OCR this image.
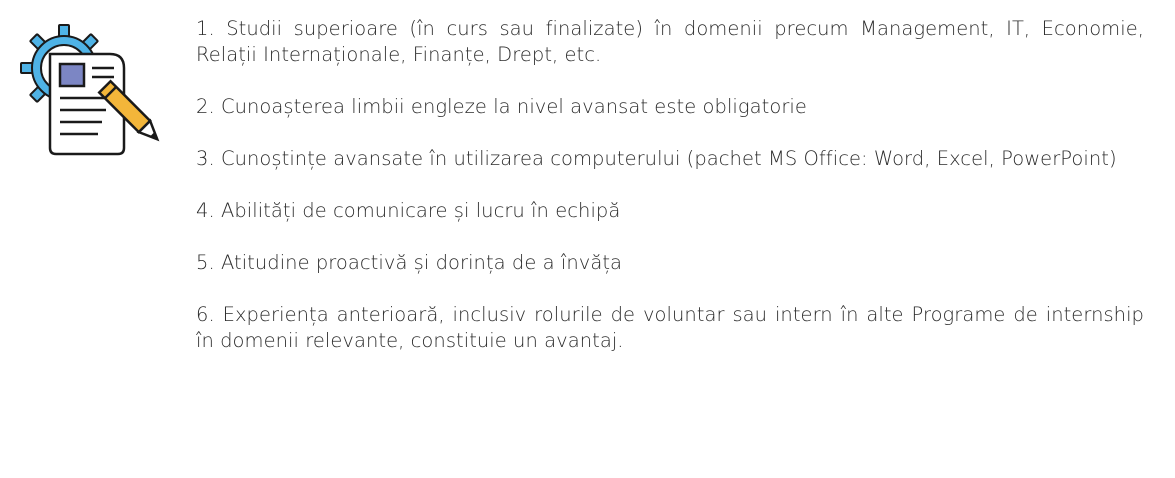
1. Studii superioare (în curs sau finalizate) în domenii precum Management, IT, Economie, Relații Internaționale, Finanțe, Drept, etc.
2. Cunoașterea limbii engleze la nivel avansat este obligatorie
3. Cunoștințe avansate în utilizarea computerului (pachet MS Office: Word, Excel, PowerPoint)
4. Abilități de comunicare și lucru în echipă
5. Atitudine proactivă și dorința de a învăța
6. Experiența anterioară, inclusiv rolurile de voluntar sau intern în alte Programe de internship în domenii relevante, constituie un avantaj.
